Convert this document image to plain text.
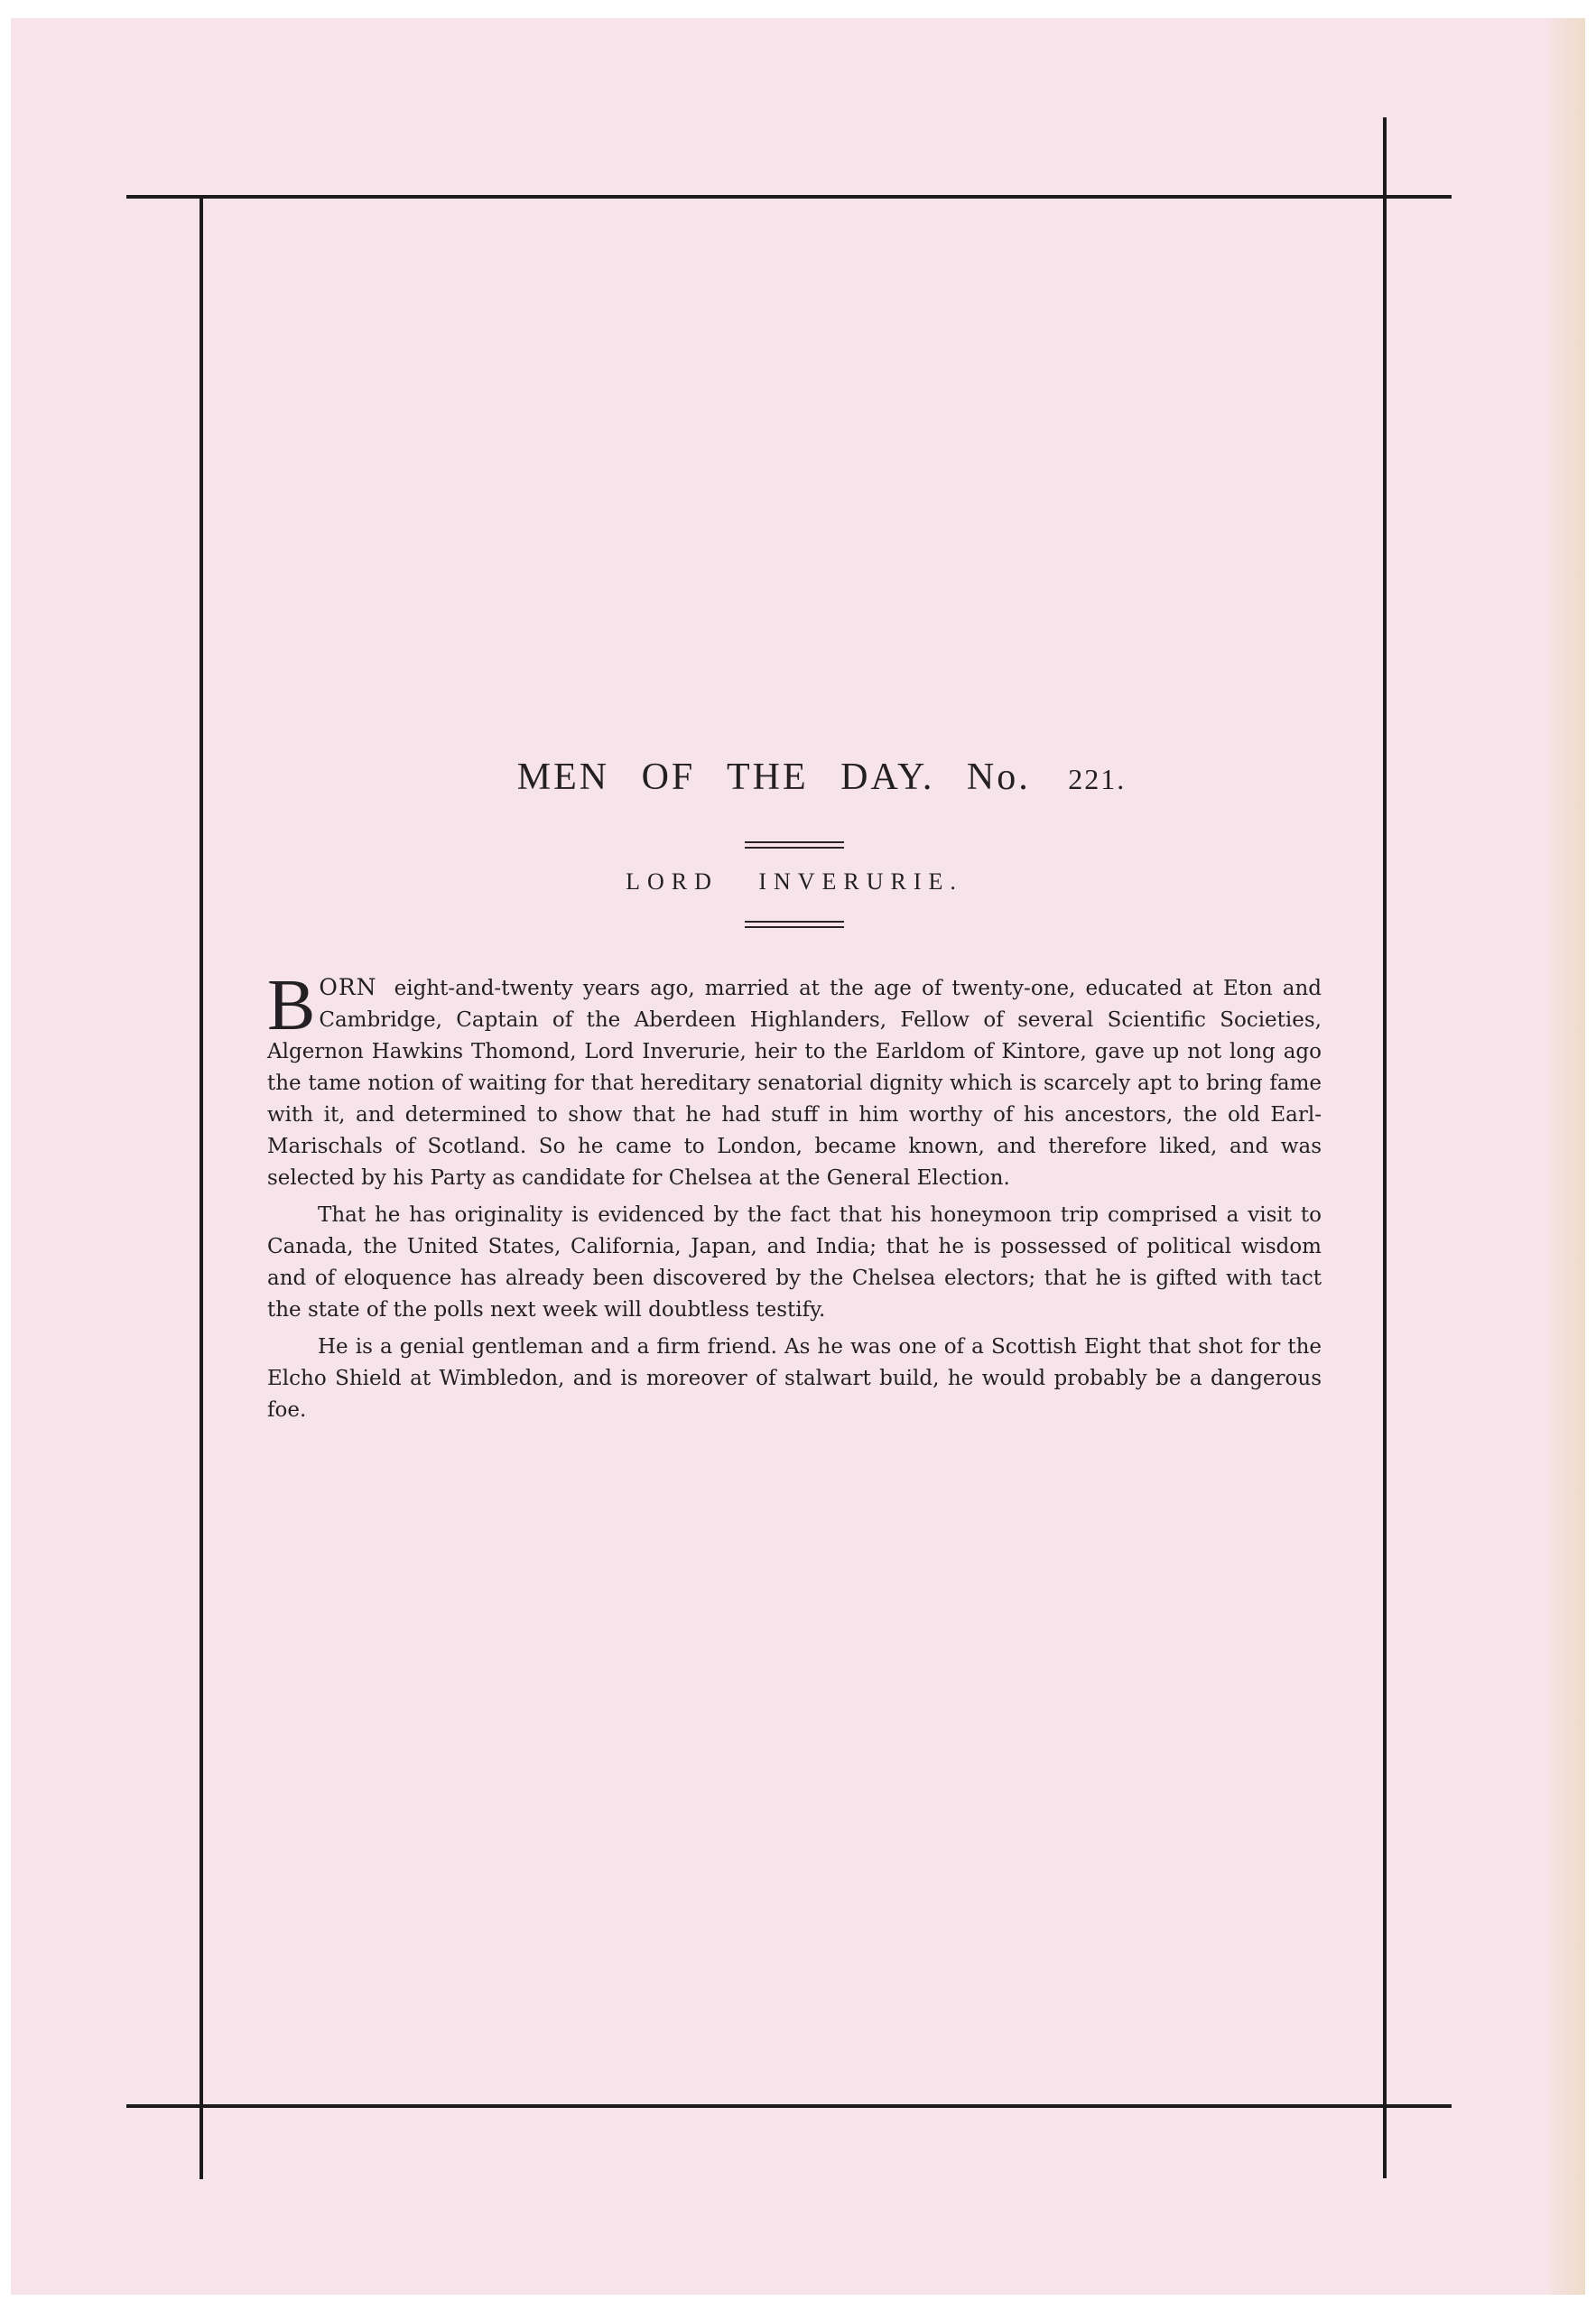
MEN OF THE DAY. No. 221.
LORD INVERURIE.

B ORN eight-and-twenty years ago, married at the age of twenty-one, educated at Eton and Cambridge, Captain of the Aberdeen Highlanders, Fellow of several Scientific Societies, Algernon Hawkins Thomond, Lord Inverurie, heir to the Earldom of Kintore, gave up not long ago the tame notion of waiting for that hereditary senatorial dignity which is scarcely apt to bring fame with it, and determined to show that he had stuff in him worthy of his ancestors, the old Earl-Marischals of Scotland. So he came to London, became known, and therefore liked, and was selected by his Party as candidate for Chelsea at the General Election.

That he has originality is evidenced by the fact that his honeymoon trip comprised a visit to Canada, the United States, California, Japan, and India; that he is possessed of political wisdom and of eloquence has already been discovered by the Chelsea electors; that he is gifted with tact the state of the polls next week will doubtless testify.

He is a genial gentleman and a firm friend. As he was one of a Scottish Eight that shot for the Elcho Shield at Wimbledon, and is moreover of stalwart build, he would probably be a dangerous foe.
